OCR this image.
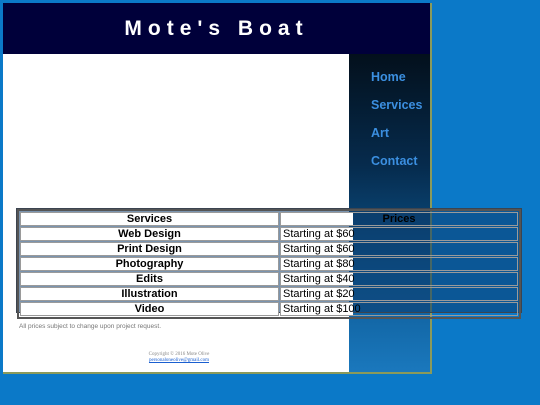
Mote's Boat
Home
Services
Art
Contact
All prices subject to change upon project request.
Copyright © 2016 Mote Olive
personaloneolive@gmail.com
Services	Prices
Web Design	Starting at $60
Print Design	Starting at $60
Photography	Starting at $80
Edits	Starting at $40
Illustration	Starting at $20
Video	Starting at $100
